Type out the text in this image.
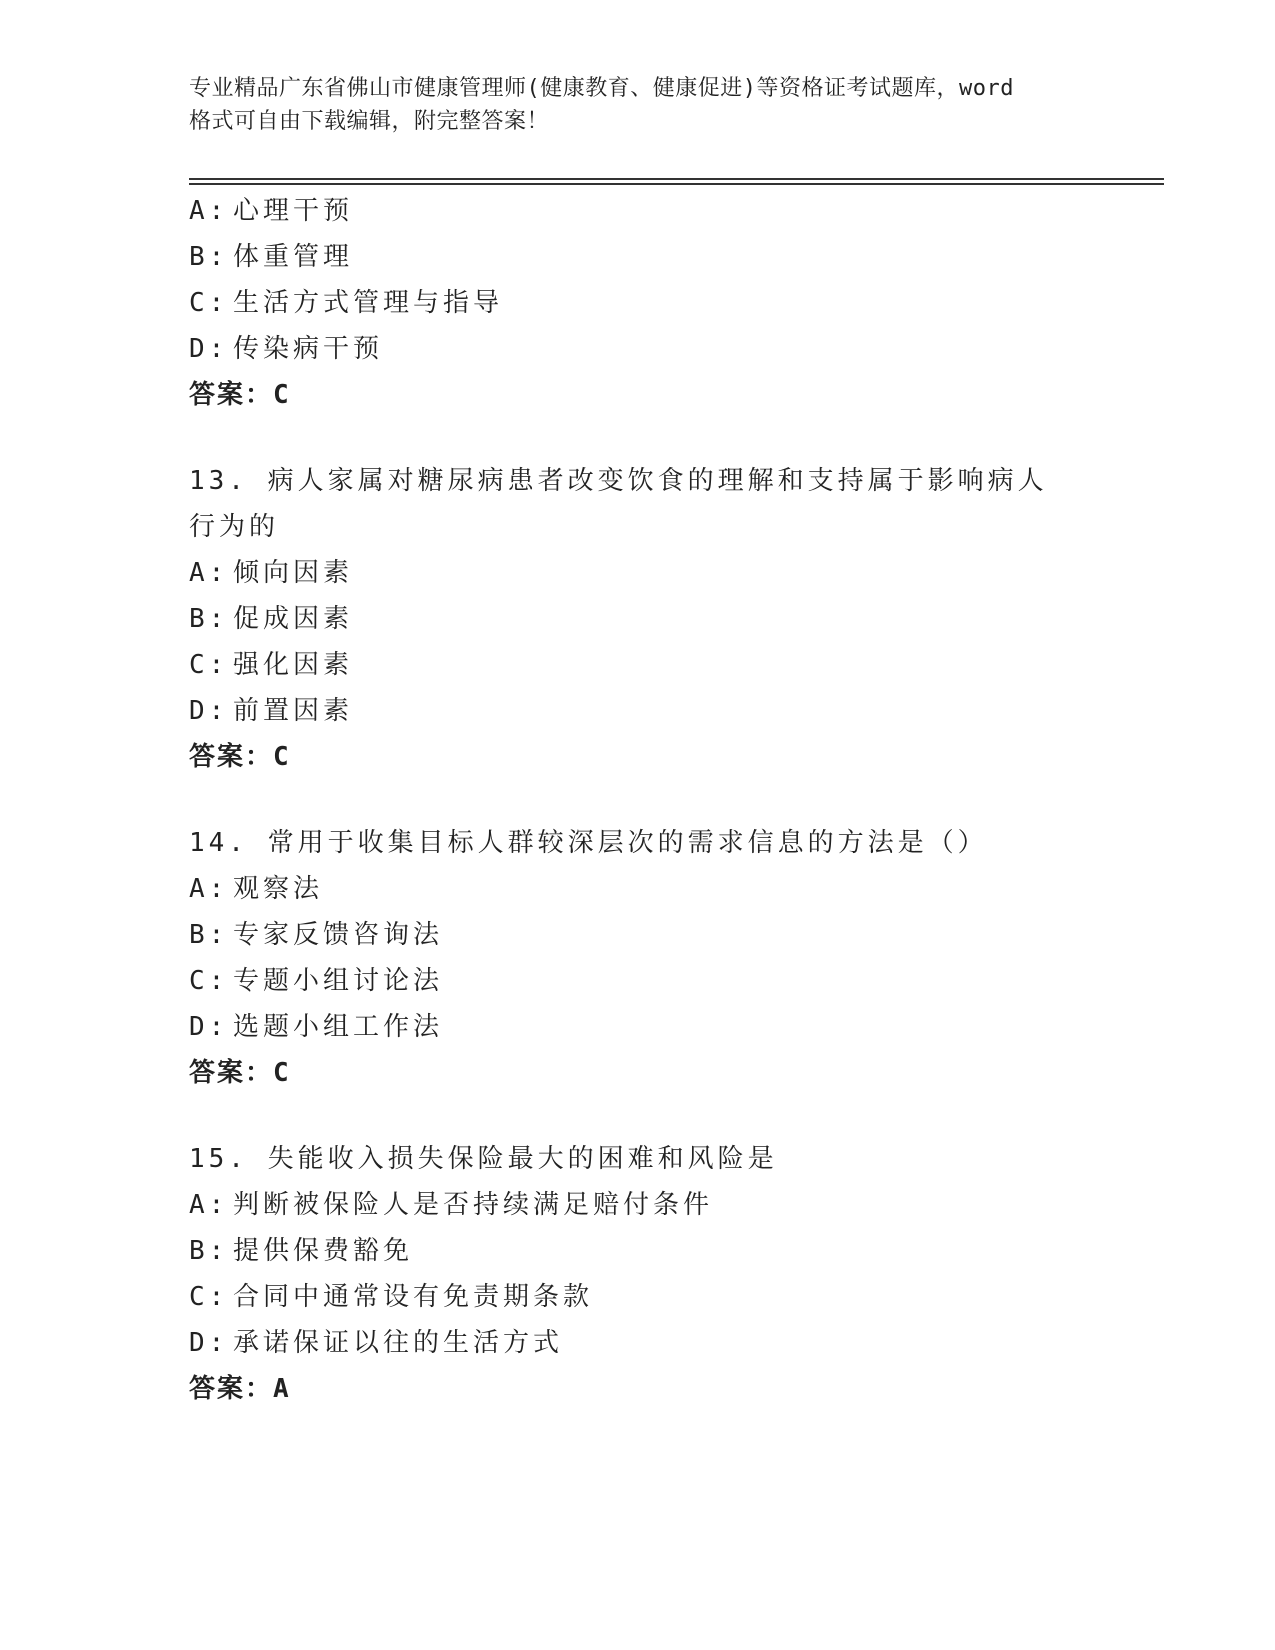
专业精品广东省佛山市健康管理师(健康教育、健康促进)等资格证考试题库，word
格式可自由下载编辑，附完整答案！
A: 心理干预
B: 体重管理
C: 生活方式管理与指导
D: 传染病干预
答案：C

13. 病人家属对糖尿病患者改变饮食的理解和支持属于影响病人行为的

A: 倾向因素
B: 促成因素
C: 强化因素
D: 前置因素
答案：C

14. 常用于收集目标人群较深层次的需求信息的方法是（）

A: 观察法
B: 专家反馈咨询法
C: 专题小组讨论法
D: 选题小组工作法
答案：C

15. 失能收入损失保险最大的困难和风险是

A: 判断被保险人是否持续满足赔付条件
B: 提供保费豁免
C: 合同中通常设有免责期条款
D: 承诺保证以往的生活方式
答案：A
